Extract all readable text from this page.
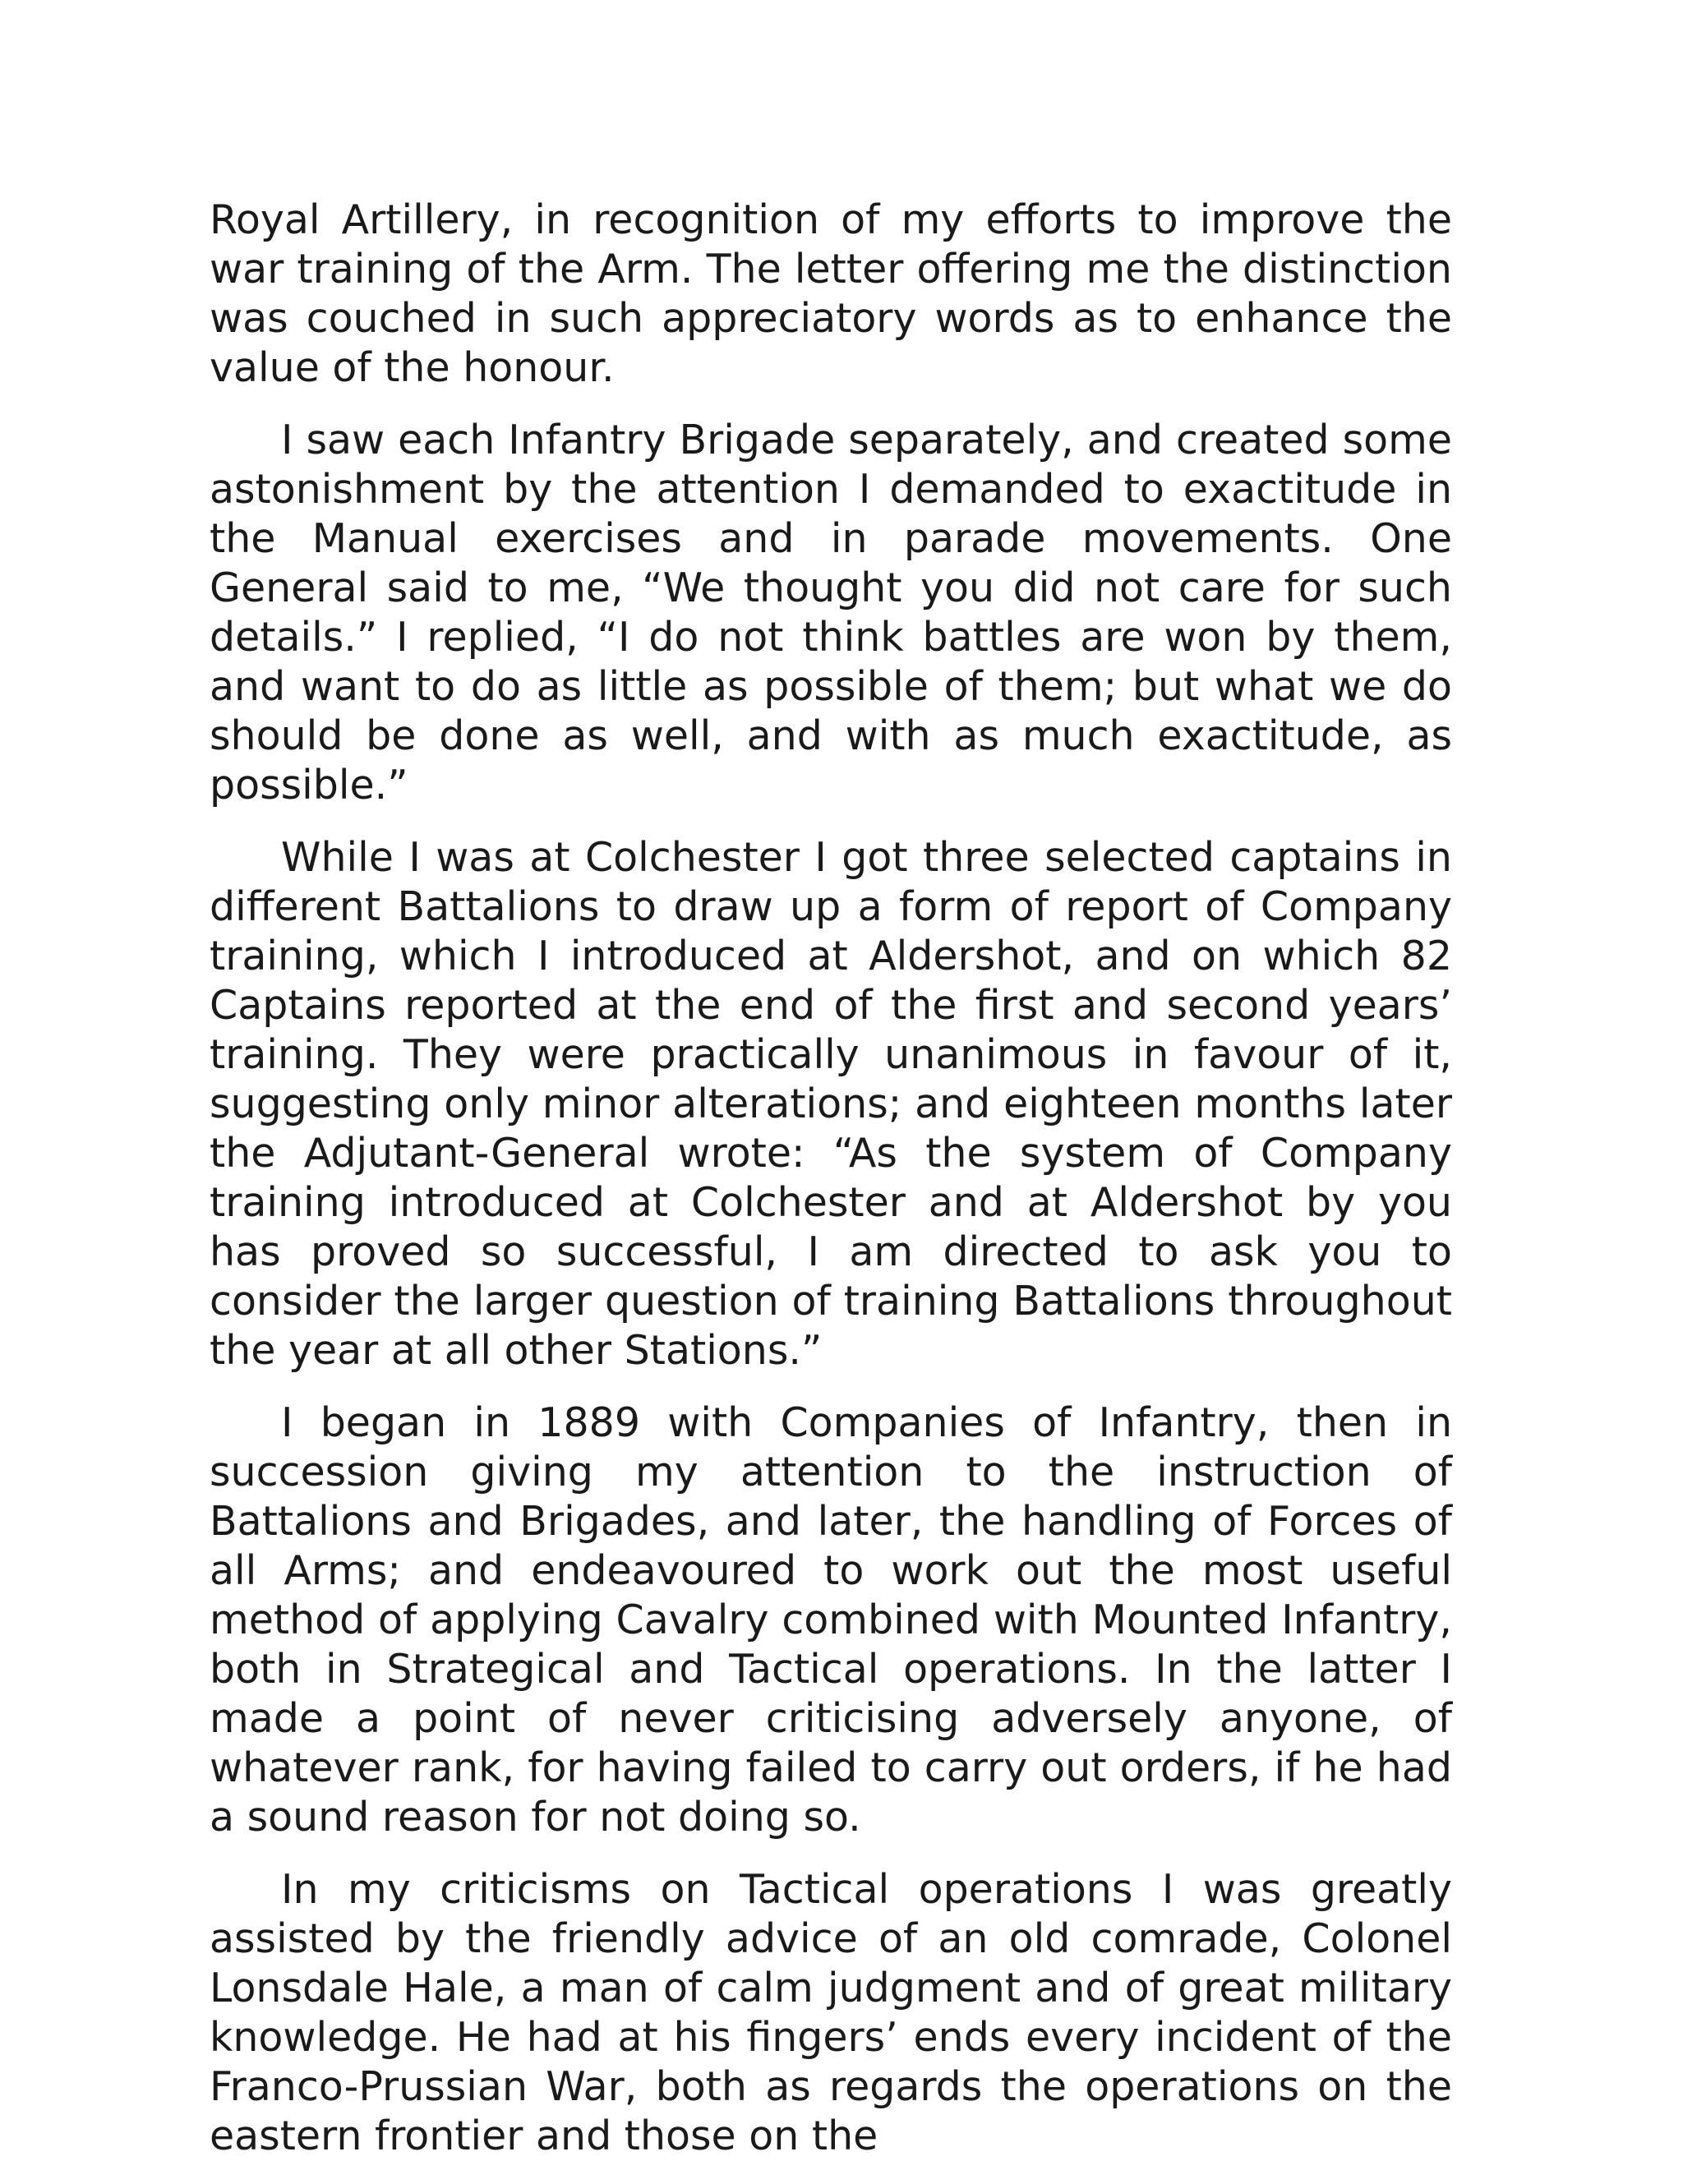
Royal Artillery, in recognition of my efforts to improve the war training of the Arm. The letter offering me the distinction was couched in such appreciatory words as to enhance the value of the honour.

I saw each Infantry Brigade separately, and created some astonishment by the attention I demanded to exactitude in the Manual exercises and in parade movements. One General said to me, “We thought you did not care for such details.” I replied, “I do not think battles are won by them, and want to do as little as possible of them; but what we do should be done as well, and with as much exactitude, as possible.”

While I was at Colchester I got three selected captains in different Battalions to draw up a form of report of Company training, which I introduced at Aldershot, and on which 82 Captains reported at the end of the first and second years’ training. They were practically unanimous in favour of it, suggesting only minor alterations; and eighteen months later the Adjutant-General wrote: “As the system of Company training introduced at Colchester and at Aldershot by you has proved so successful, I am directed to ask you to consider the larger question of training Battalions throughout the year at all other Stations.”

I began in 1889 with Companies of Infantry, then in succession giving my attention to the instruction of Battalions and Brigades, and later, the handling of Forces of all Arms; and endeavoured to work out the most useful method of applying Cavalry combined with Mounted Infantry, both in Strategical and Tactical operations. In the latter I made a point of never criticising adversely anyone, of whatever rank, for having failed to carry out orders, if he had a sound reason for not doing so.

In my criticisms on Tactical operations I was greatly assisted by the friendly advice of an old comrade, Colonel Lonsdale Hale, a man of calm judgment and of great military knowledge. He had at his fingers’ ends every incident of the Franco-Prussian War, both as regards the operations on the eastern frontier and those on the
